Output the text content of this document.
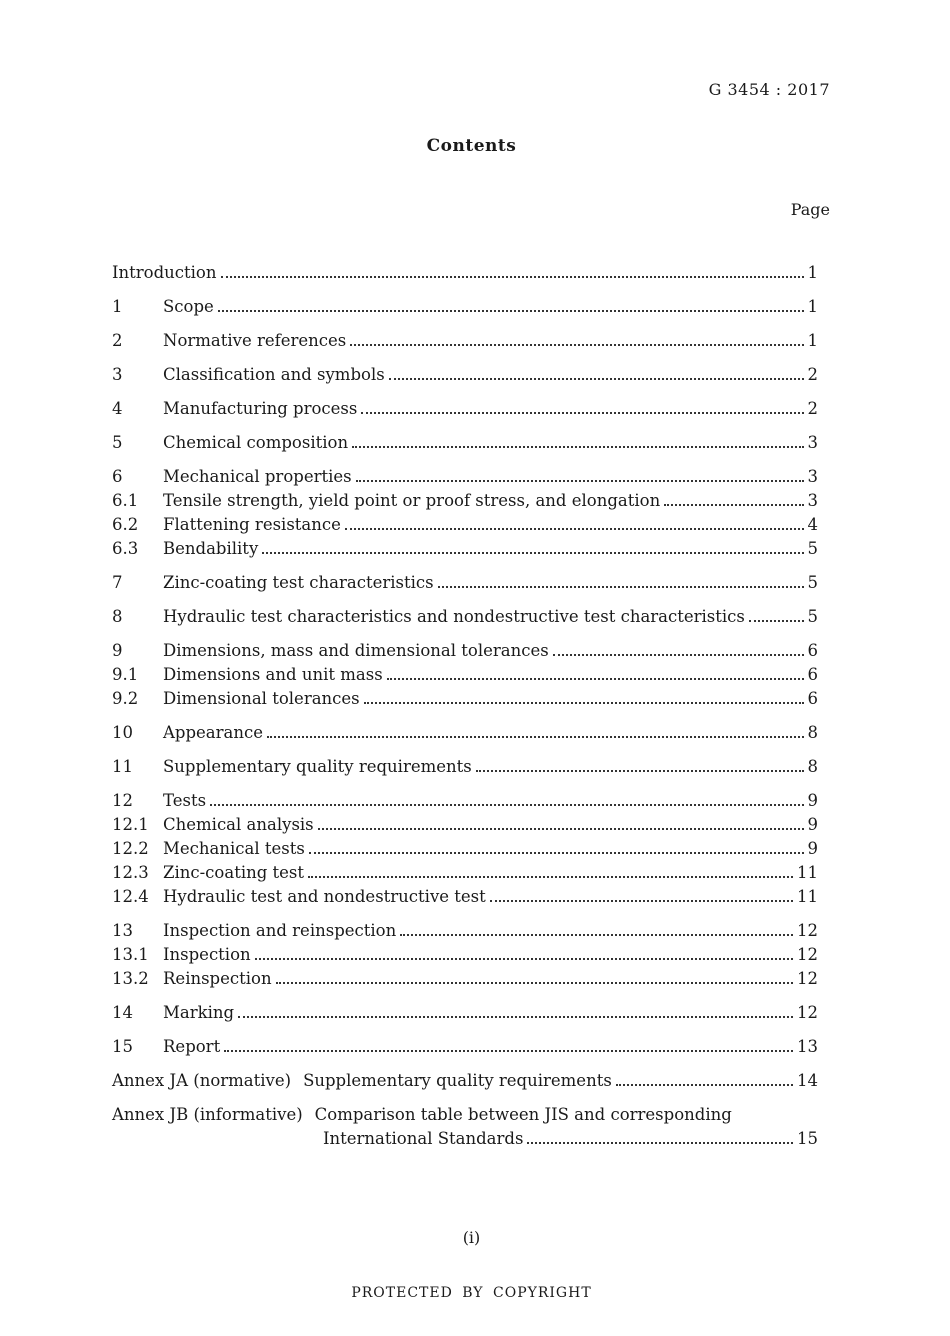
G 3454 : 2017
Contents
Page
Introduction	1
1	Scope	1
2	Normative references	1
3	Classification and symbols	2
4	Manufacturing process	2
5	Chemical composition	3
6	Mechanical properties	3
6.1	Tensile strength, yield point or proof stress, and elongation	3
6.2	Flattening resistance	4
6.3	Bendability	5
7	Zinc-coating test characteristics	5
8	Hydraulic test characteristics and nondestructive test characteristics	5
9	Dimensions, mass and dimensional tolerances	6
9.1	Dimensions and unit mass	6
9.2	Dimensional tolerances	6
10	Appearance	8
11	Supplementary quality requirements	8
12	Tests	9
12.1 Chemical analysis	9
12.2 Mechanical tests	9
12.3 Zinc-coating test	11
12.4 Hydraulic test and nondestructive test	11
13	Inspection and reinspection	12
13.1 Inspection	12
13.2 Reinspection	12
14	Marking	12
15	Report	13
Annex JA (normative) Supplementary quality requirements	14
Annex JB (informative) Comparison table between JIS and corresponding
International Standards	15
(i)
PROTECTED BY COPYRIGHT
